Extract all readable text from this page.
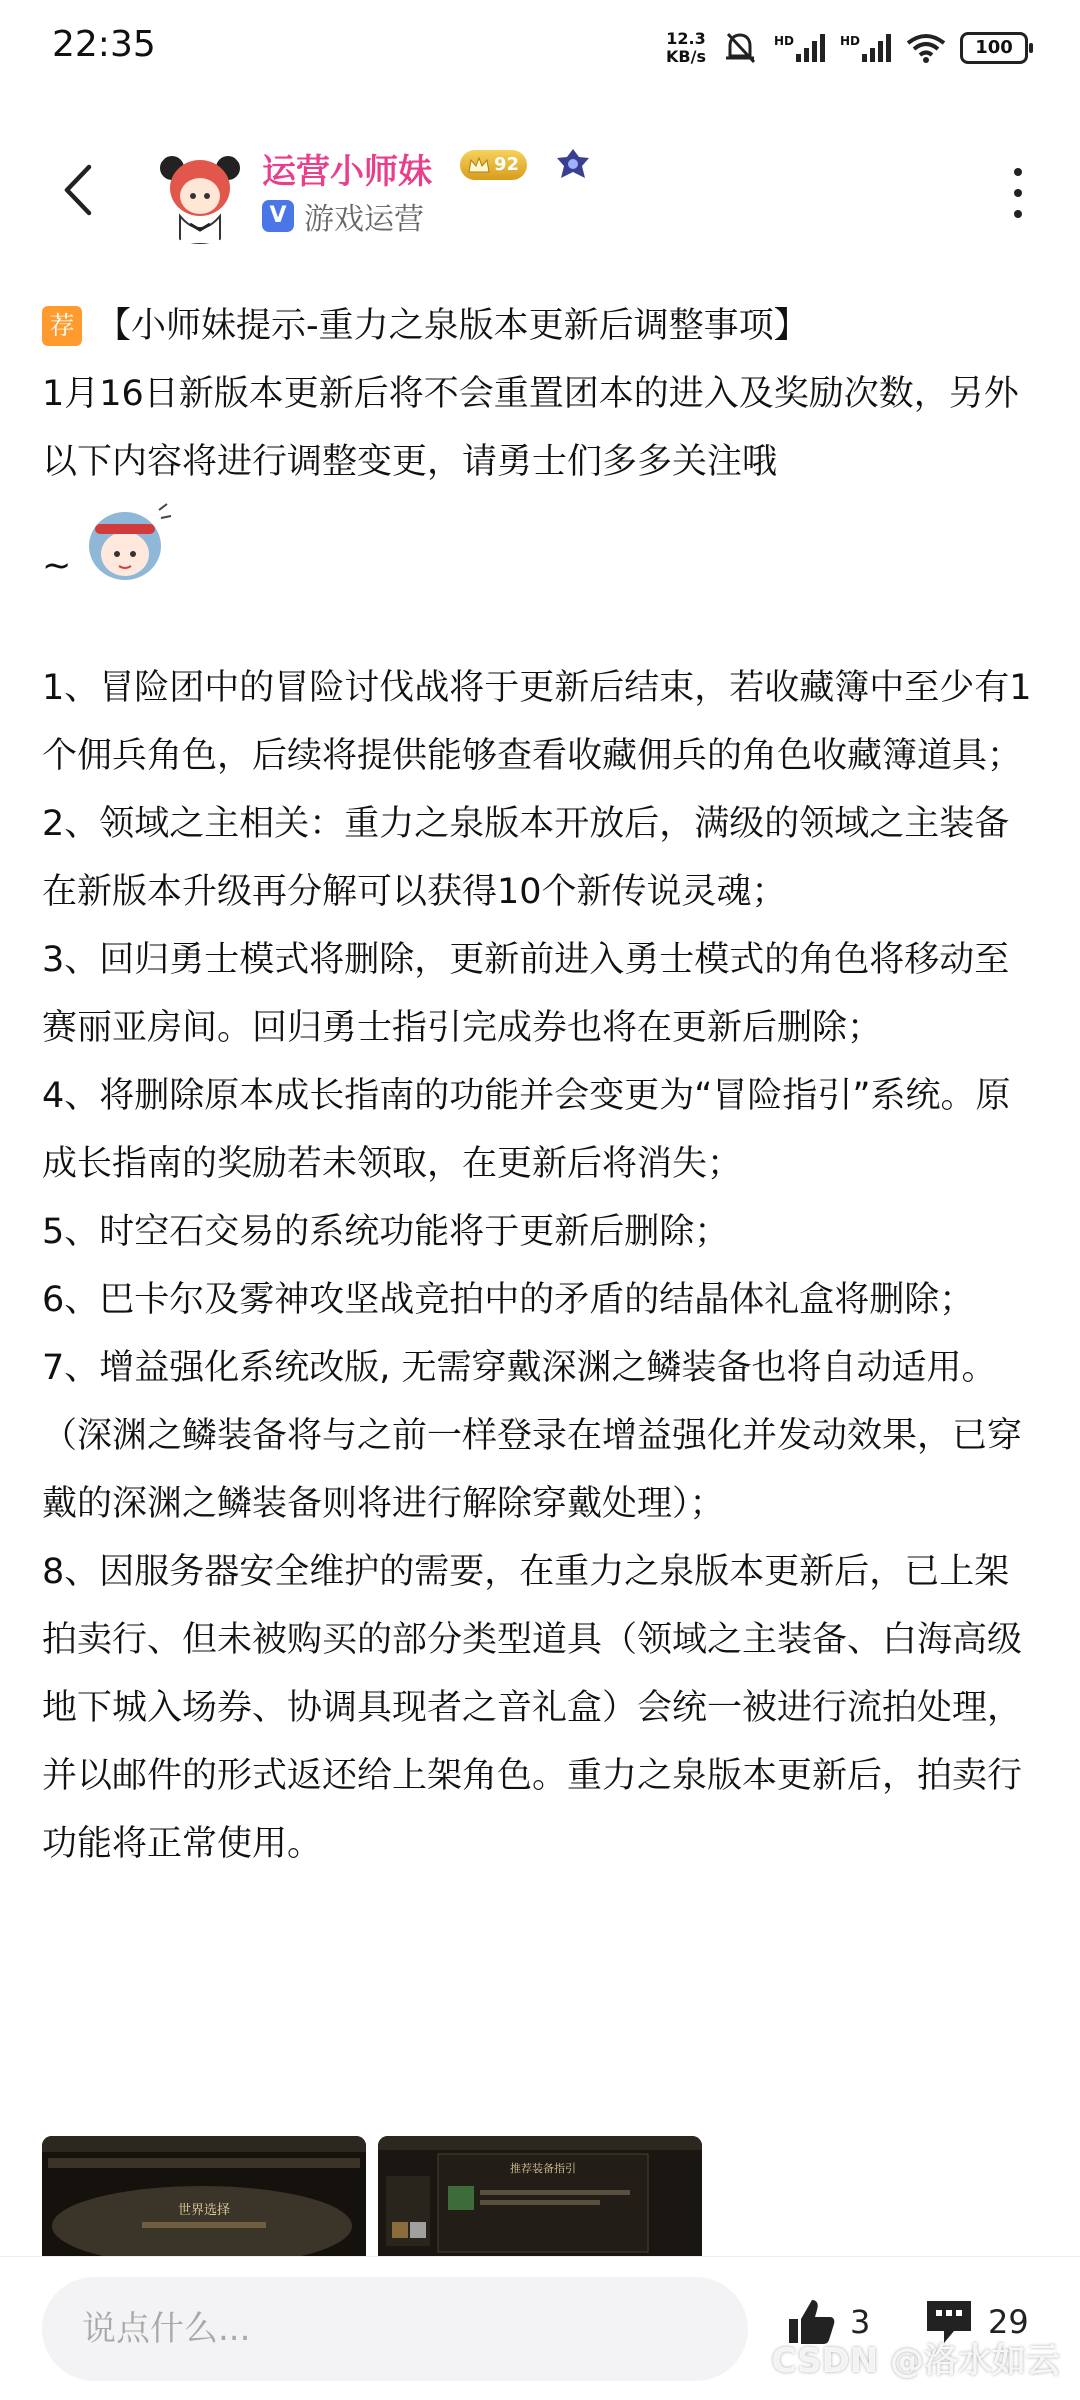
22:35	12.3
KB/s
HD	HD	100
运营小师妹	92
V 游戏运营
荐 【小师妹提示-重力之泉版本更新后调整事项】

1月16日新版本更新后将不会重置团本的进入及奖励次数，另外以下内容将进行调整变更，请勇士们多多关注哦

~

1、冒险团中的冒险讨伐战将于更新后结束，若收藏簿中至少有1个佣兵角色，后续将提供能够查看收藏佣兵的角色收藏簿道具；

2、领域之主相关：重力之泉版本开放后，满级的领域之主装备在新版本升级再分解可以获得10个新传说灵魂；

3、回归勇士模式将删除，更新前进入勇士模式的角色将移动至赛丽亚房间。回归勇士指引完成券也将在更新后删除；

4、将删除原本成长指南的功能并会变更为“冒险指引”系统。原成长指南的奖励若未领取，在更新后将消失；

5、时空石交易的系统功能将于更新后删除；

6、巴卡尔及雾神攻坚战竞拍中的矛盾的结晶体礼盒将删除；

7、增益强化系统改版, 无需穿戴深渊之鳞装备也将自动适用。（深渊之鳞装备将与之前一样登录在增益强化并发动效果，已穿戴的深渊之鳞装备则将进行解除穿戴处理）；

8、因服务器安全维护的需要，在重力之泉版本更新后，已上架拍卖行、但未被购买的部分类型道具（领域之主装备、白海高级地下城入场券、协调具现者之音礼盒）会统一被进行流拍处理，并以邮件的形式返还给上架角色。重力之泉版本更新后，拍卖行功能将正常使用。

世界选择
推荐装备指引
说点什么...
3	29
CSDN @洛水如云
